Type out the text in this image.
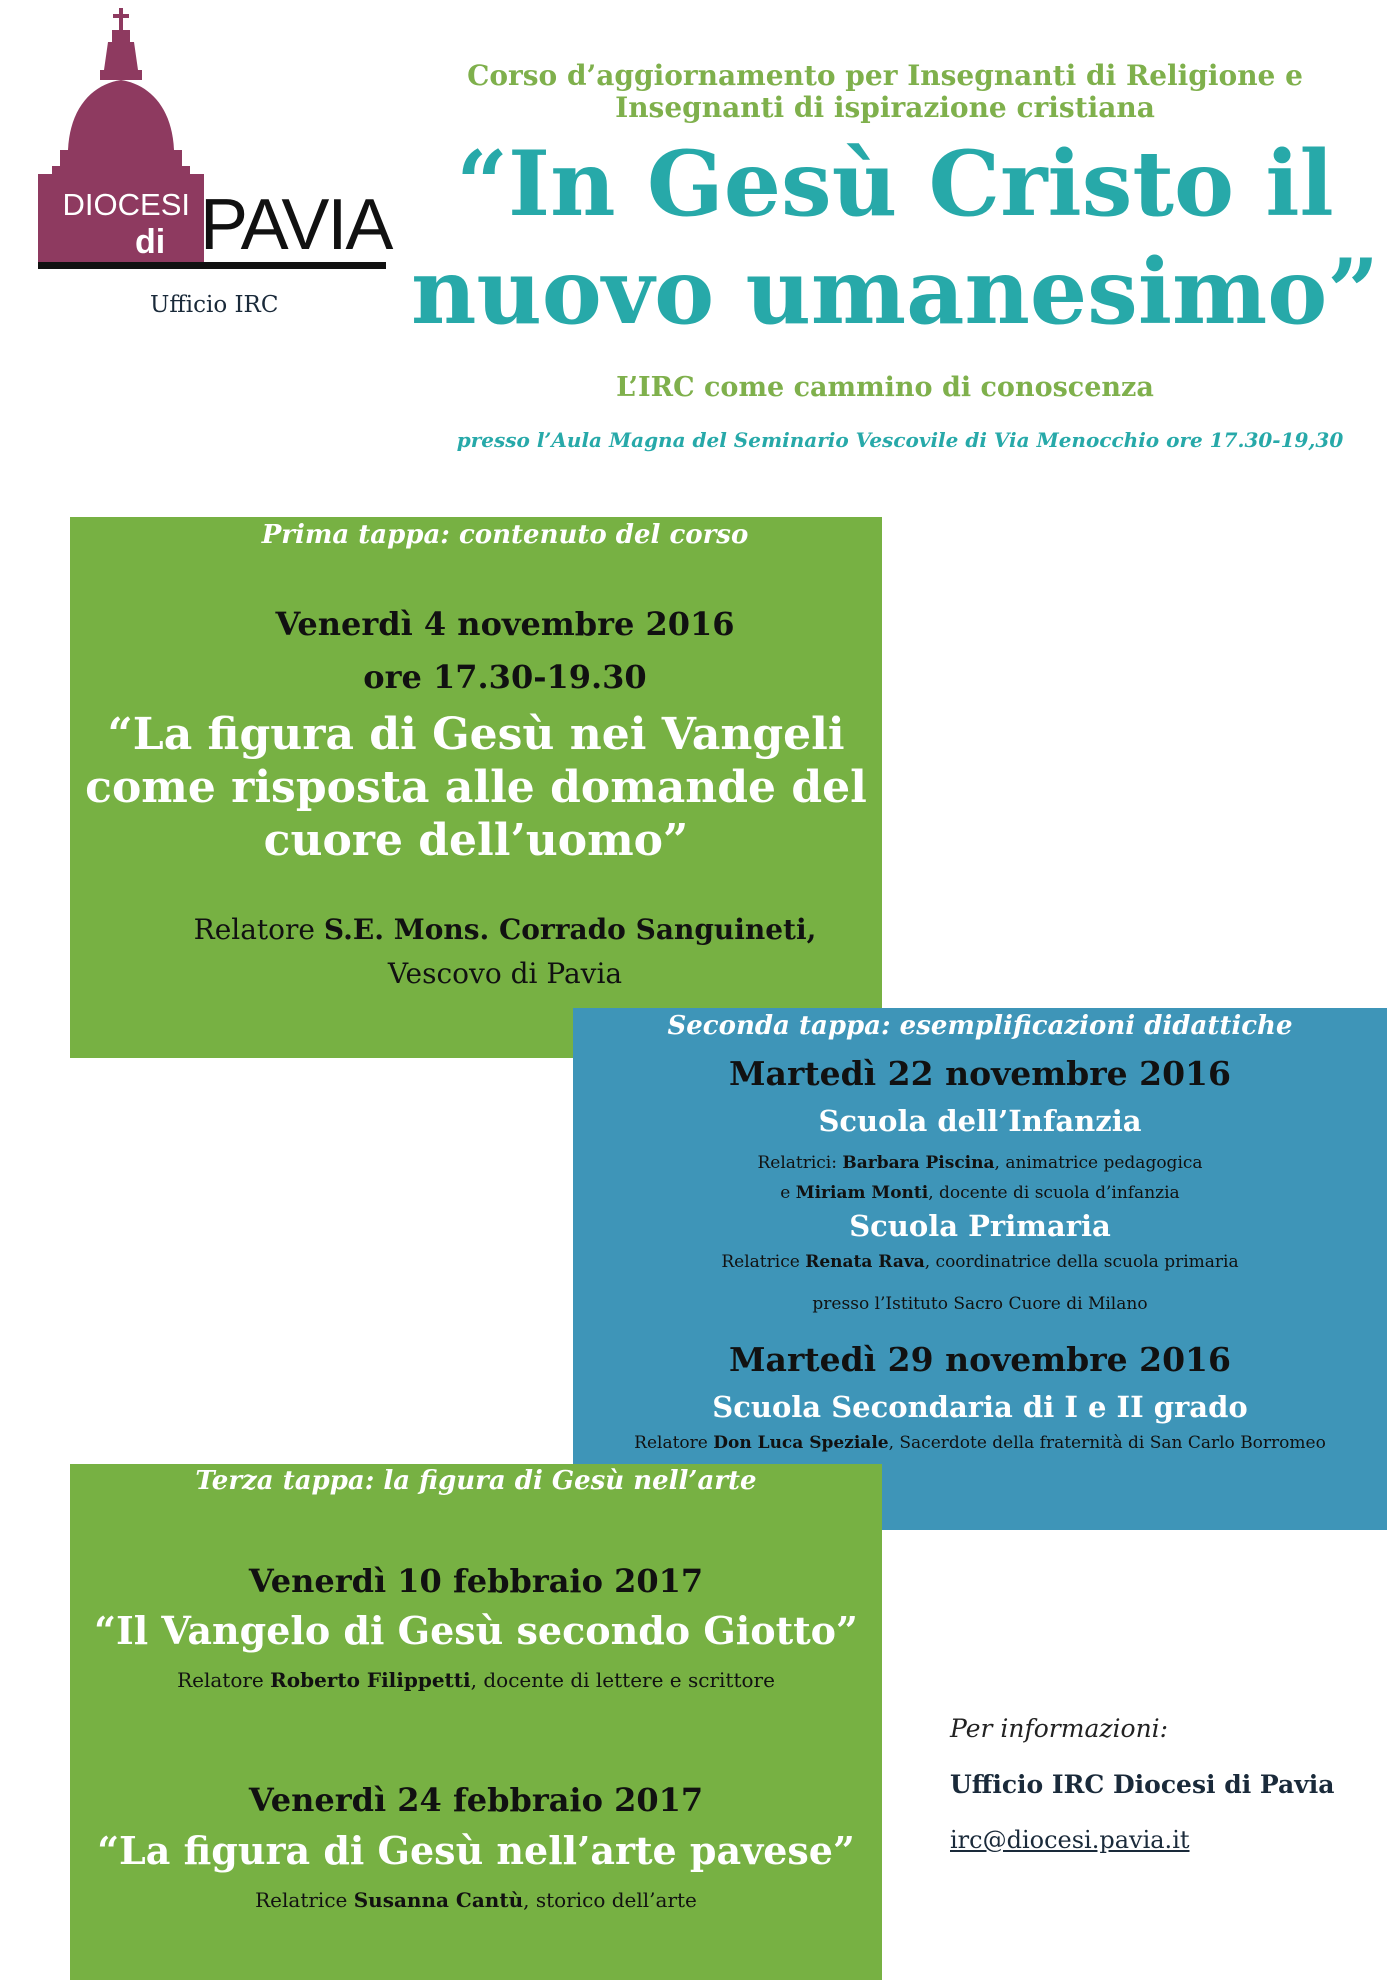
DIOCESI
di PAVIA
Ufficio IRC
Corso d’aggiornamento per Insegnanti di Religione e
Insegnanti di ispirazione cristiana
“In Gesù Cristo il
nuovo umanesimo”
L’IRC come cammino di conoscenza
presso l’Aula Magna del Seminario Vescovile di Via Menocchio ore 17.30-19,30
Prima tappa: contenuto del corso
Venerdì 4 novembre 2016
ore 17.30-19.30
“La figura di Gesù nei Vangeli
come risposta alle domande del
cuore dell’uomo”
Relatore S.E. Mons. Corrado Sanguineti,
Vescovo di Pavia
Seconda tappa: esemplificazioni didattiche
Martedì 22 novembre 2016
Scuola dell’Infanzia
Relatrici: Barbara Piscina, animatrice pedagogica
e Miriam Monti, docente di scuola d’infanzia
Scuola Primaria
Relatrice Renata Rava, coordinatrice della scuola primaria
presso l’Istituto Sacro Cuore di Milano
Martedì 29 novembre 2016
Scuola Secondaria di I e II grado
Relatore Don Luca Speziale, Sacerdote della fraternità di San Carlo Borromeo
Terza tappa: la figura di Gesù nell’arte
Venerdì 10 febbraio 2017
“Il Vangelo di Gesù secondo Giotto”
Relatore Roberto Filippetti, docente di lettere e scrittore
Venerdì 24 febbraio 2017
“La figura di Gesù nell’arte pavese”
Relatrice Susanna Cantù, storico dell’arte
Per informazioni:
Ufficio IRC Diocesi di Pavia
irc@diocesi.pavia.it
